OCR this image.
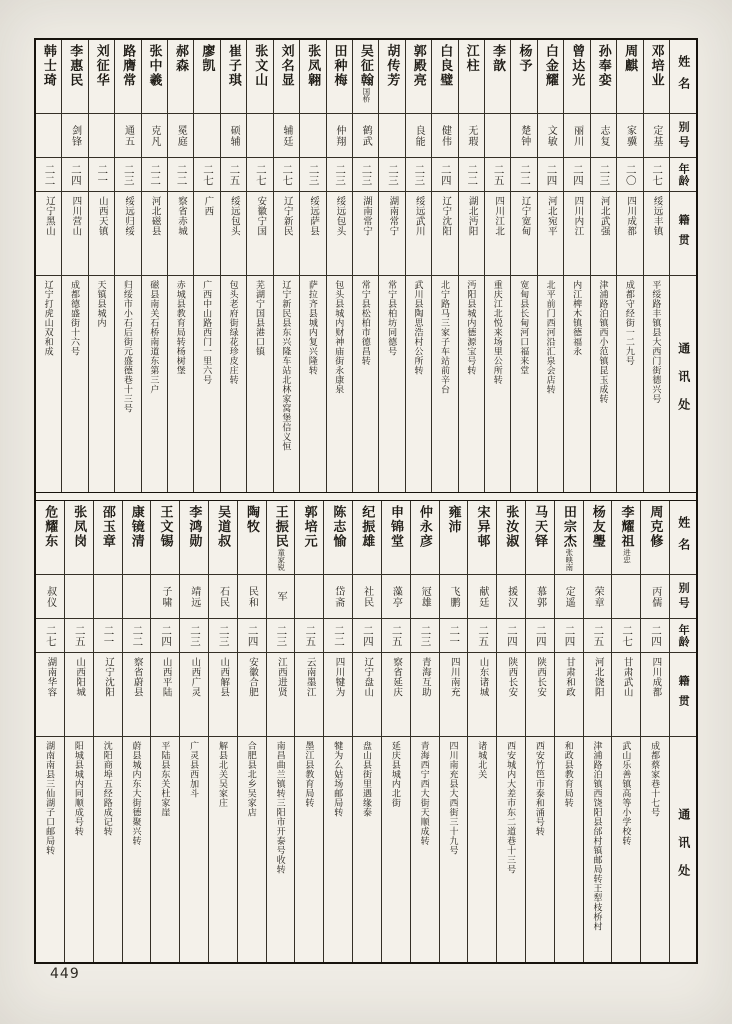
姓名
别号
年龄
籍贯
通讯处
邓培业
定基
二七
绥远丰镇
平绥路丰镇县大西门街德兴号
周麒
家骥
二〇
四川成都
成都守经街一二九号
孙奉娈
志复
二三
河北武强
津浦路泊镇西小范镇昆玉成转
曾达光
丽川
二四
四川内江
内江椑木镇德福永
白金耀
文敏
二四
河北宛平
北平前门西河沿汇泉会店转
杨予
楚钟
二二
辽宁宽甸
宽甸县长甸河口福来堂
李歆
二五
四川江北
重庆江北悦来场里公所转
江柱
无瑕
二二
湖北沔阳
沔阳县城内德源宝号转
白良璧
健伟
二四
辽宁沈阳
北宁路马三家子车站前辛台
郭殿亮
良能
二三
绥远武川
武川县陶思浩村公所转
胡传芳
二三
湖南常宁
常宁县柏坊同德号
吴征翰国桥
鹤武
二三
湖南常宁
常宁县松柏市德昌转
田种梅
仲翔
二三
绥远包头
包头县城内财神庙街永康泉
张凤翱
二三
绥远萨县
萨拉齐县城内复兴隆转
刘名显
辅廷
二七
辽宁新民
辽宁新民县东兴隆车站北林家窝堡信义恒
张文山
二七
安徽宁国
芜湖宁国县港口镇
崔子琪
硕辅
二五
绥远包头
包头老府街绿花珍皮庄转
廖凯
二七
广西
广西中山路西门一里六号
郝森
冕庭
二二
察省赤城
赤城县教育局转杨树堡
张中羲
克凡
二二
河北磁县
磁县南关石桥南道东第三户
路膺常
通五
二三
绥远归绥
归绥市小石后街元盛德巷十三号
刘征华
二一
山西天镇
天镇县城内
李惠民
剑锋
二四
四川营山
成都德盛街十六号
韩士琦
二二
辽宁黑山
辽宁打虎山双和成
姓名
别号
年龄
籍贯
通讯处
周克修
丙儒
二四
四川成都
成都蔡家巷十七号
李耀祖进忠
二七
甘肃武山
武山乐善镇高等小学校转
杨友璺
荣章
二五
河北饶阳
津浦路泊镇西饶阳县邰村镇邮局转王犁枝桥村
田宗杰张映南
定遥
二四
甘肃和政
和政县教育局转
马天铎
慕郭
二四
陕西长安
西安竹笆市泰和涌号转
张汝淑
援汉
二四
陕西长安
西安城内大差市东二道巷十三号
宋异邨
献廷
二五
山东诸城
诸城北关
雍沛
飞鹏
二一
四川南充
四川南充县大西街三十九号
仲永彦
冠雄
二三
青海互助
青海西宁西大街天顺成转
申锦堂
藻亭
二五
察省延庆
延庆县城内北街
纪振雄
社民
二四
辽宁盘山
盘山县街里遇缘泰
陈志愉
岱斋
二二
四川犍为
犍为么姑场邮局转
郭培元
二五
云南墨江
墨江县教育局转
王振民童家锐
军
二三
江西进贤
南昌曲兰镇转三阳市开泰号收转
陶牧
民和
二四
安徽合肥
合肥县北乡吴家店
吴道叔
石民
二三
山西解县
解县北关吴家庄
李鸿勋
靖远
二三
山西广灵
广灵县西加斗
王文锡
子啸
二四
山西平陆
平陆县东关杜家崖
康镜清
二二
察省蔚县
蔚县城内东大街德聚兴转
邵玉章
二一
辽宁沈阳
沈阳商埠五经路成记转
张凤岗
二五
山西阳城
阳城县城内同顺成号转
危耀东
叔仪
二七
湖南华容
湖南南县三仙湖子口邮局转
449
